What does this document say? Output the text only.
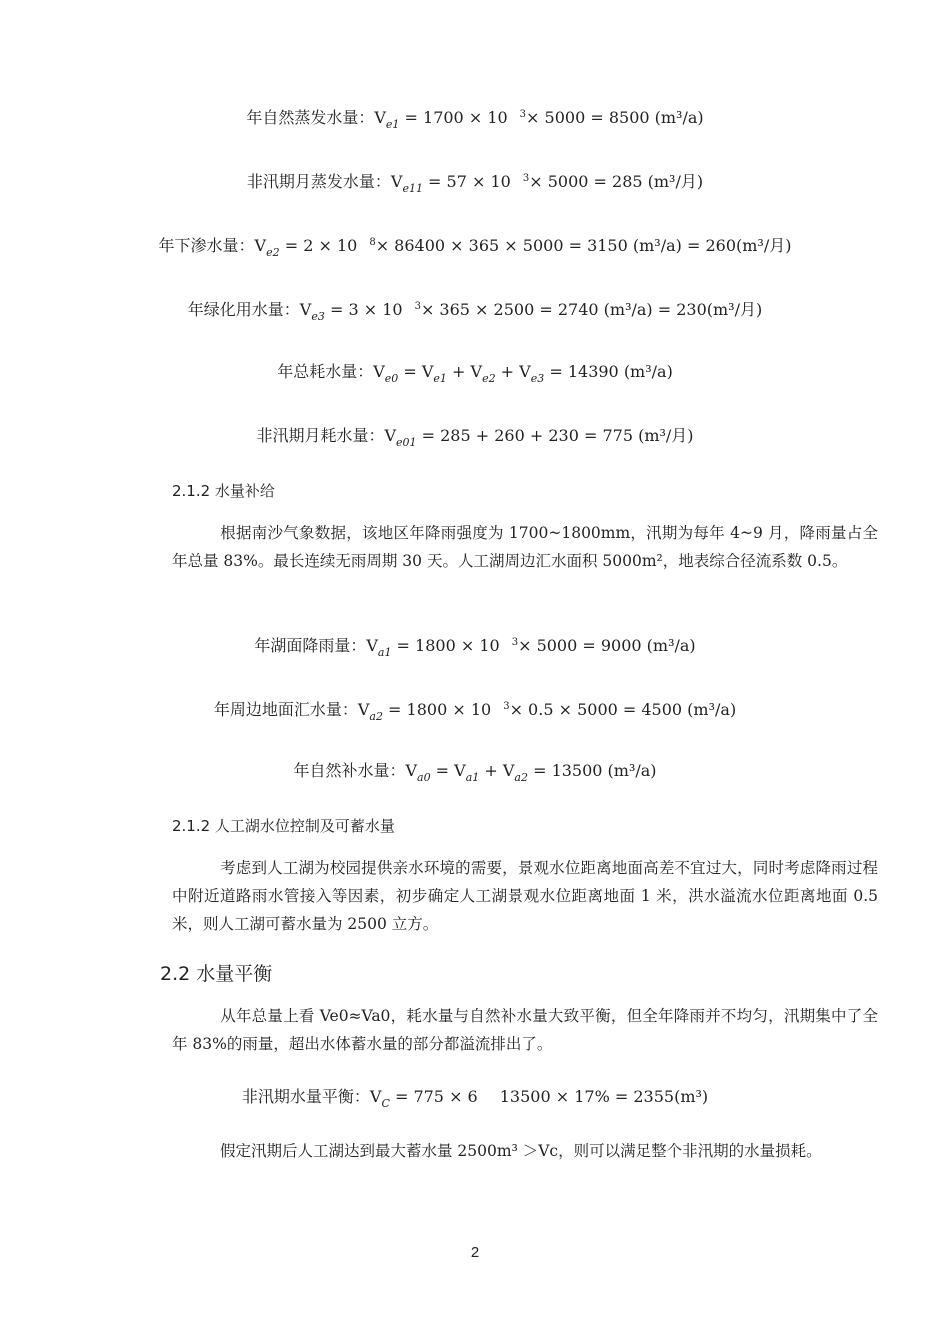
年自然蒸发水量：$V_{e1} = 1700 \times 10$ $^3$× 5000 = 8500 (m³/a)
非汛期月蒸发水量：$V_{e11} = 57 \times 10$ $^3$× 5000 = 285 (m³/月)
年下渗水量：$V_{e2} = 2 \times 10$ $^8$× 86400 × 365 × 5000 = 3150 (m³/a) = 260(m³/月)
年绿化用水量：$V_{e3} = 3 \times 10$ $^3$× 365 × 2500 = 2740 (m³/a) = 230(m³/月)
年总耗水量：$V_{e0} = V_{e1} + V_{e2} + V_{e3} = 14390$ (m³/a)
非汛期月耗水量：$V_{e01} = 285 + 260 + 230 = 775$ (m³/月)
2.1.2 水量补给

根据南沙气象数据，该地区年降雨强度为 1700~1800mm，汛期为每年 4~9 月，降雨量占全年总量 83%。最长连续无雨周期 30 天。人工湖周边汇水面积 5000m²，地表综合径流系数 0.5。

年湖面降雨量：$V_{a1} = 1800 \times 10$ $^3$× 5000 = 9000 (m³/a)
年周边地面汇水量：$V_{a2} = 1800 \times 10$ $^3$× 0.5 × 5000 = 4500 (m³/a)
年自然补水量：$V_{a0} = V_{a1} + V_{a2} = 13500$ (m³/a)
2.1.2 人工湖水位控制及可蓄水量

考虑到人工湖为校园提供亲水环境的需要，景观水位距离地面高差不宜过大，同时考虑降雨过程中附近道路雨水管接入等因素，初步确定人工湖景观水位距离地面 1 米，洪水溢流水位距离地面 0.5 米，则人工湖可蓄水量为 2500 立方。

2.2 水量平衡

从年总量上看 Ve0≈Va0，耗水量与自然补水量大致平衡，但全年降雨并不均匀，汛期集中了全年 83%的雨量，超出水体蓄水量的部分都溢流排出了。

非汛期水量平衡：$V_C = 775 \times 6$ 13500 × 17% = 2355(m³)

假定汛期后人工湖达到最大蓄水量 2500m³ ＞Vc，则可以满足整个非汛期的水量损耗。

2
